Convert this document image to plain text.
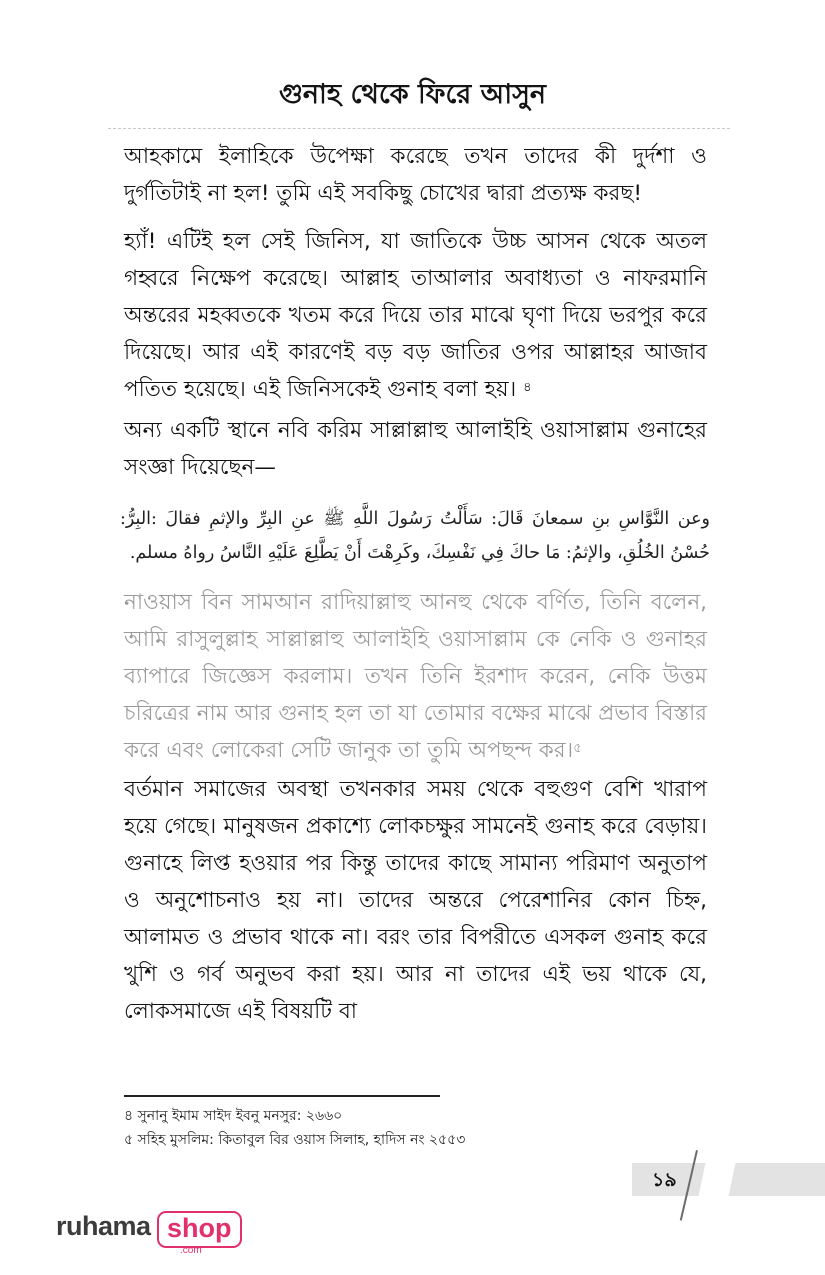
গুনাহ থেকে ফিরে আসুন

আহকামে ইলাহিকে উপেক্ষা করেছে তখন তাদের কী দুর্দশা ও দুর্গতিটাই না হল! তুমি এই সবকিছু চোখের দ্বারা প্রত্যক্ষ করছ!

হ্যাঁ! এটিই হল সেই জিনিস, যা জাতিকে উচ্চ আসন থেকে অতল গহ্বরে নিক্ষেপ করেছে। আল্লাহ তাআলার অবাধ্যতা ও নাফরমানি অন্তরের মহব্বতকে খতম করে দিয়ে তার মাঝে ঘৃণা দিয়ে ভরপুর করে দিয়েছে। আর এই কারণেই বড় বড় জাতির ওপর আল্লাহর আজাব পতিত হয়েছে। এই জিনিসকেই গুনাহ বলা হয়। $^৪$

অন্য একটি স্থানে নবি করিম সাল্লাল্লাহু আলাইহি ওয়াসাল্লাম গুনাহের সংজ্ঞা দিয়েছেন—

وعن النَّوَّاسِ بنِ سمعانَ قَالَ: سَأَلْتُ رَسُولَ اللَّهِ ﷺ عنِ البِرِّ والإثمِ فقالَ :البِرُّ: حُسْنُ الخُلُقِ، والإثمُ: مَا حاكَ فِي نَفْسِكَ، وكَرِهْتَ أَنْ يَطَّلِعَ عَلَيْهِ النَّاسُ رواهُ مسلم.

নাওয়াস বিন সামআন রাদিয়াল্লাহু আনহু থেকে বর্ণিত, তিনি বলেন, আমি রাসুলুল্লাহ সাল্লাল্লাহু আলাইহি ওয়াসাল্লাম কে নেকি ও গুনাহর ব্যাপারে জিজ্ঞেস করলাম। তখন তিনি ইরশাদ করেন, নেকি উত্তম চরিত্রের নাম আর গুনাহ হল তা যা তোমার বক্ষের মাঝে প্রভাব বিস্তার করে এবং লোকেরা সেটি জানুক তা তুমি অপছন্দ কর।$^৫$

বর্তমান সমাজের অবস্থা তখনকার সময় থেকে বহুগুণ বেশি খারাপ হয়ে গেছে। মানুষজন প্রকাশ্যে লোকচক্ষুর সামনেই গুনাহ করে বেড়ায়। গুনাহে লিপ্ত হওয়ার পর কিন্তু তাদের কাছে সামান্য পরিমাণ অনুতাপ ও অনুশোচনাও হয় না। তাদের অন্তরে পেরেশানির কোন চিহ্ন, আলামত ও প্রভাব থাকে না। বরং তার বিপরীতে এসকল গুনাহ করে খুশি ও গর্ব অনুভব করা হয়। আর না তাদের এই ভয় থাকে যে, লোকসমাজে এই বিষয়টি বা

৪ সুনানু ইমাম সাইদ ইবনু মনসুর: ২৬৬০

৫ সহিহ মুসলিম: কিতাবুল বির ওয়াস সিলাহ, হাদিস নং ২৫৫৩

১৯
ruhama shop
.com
